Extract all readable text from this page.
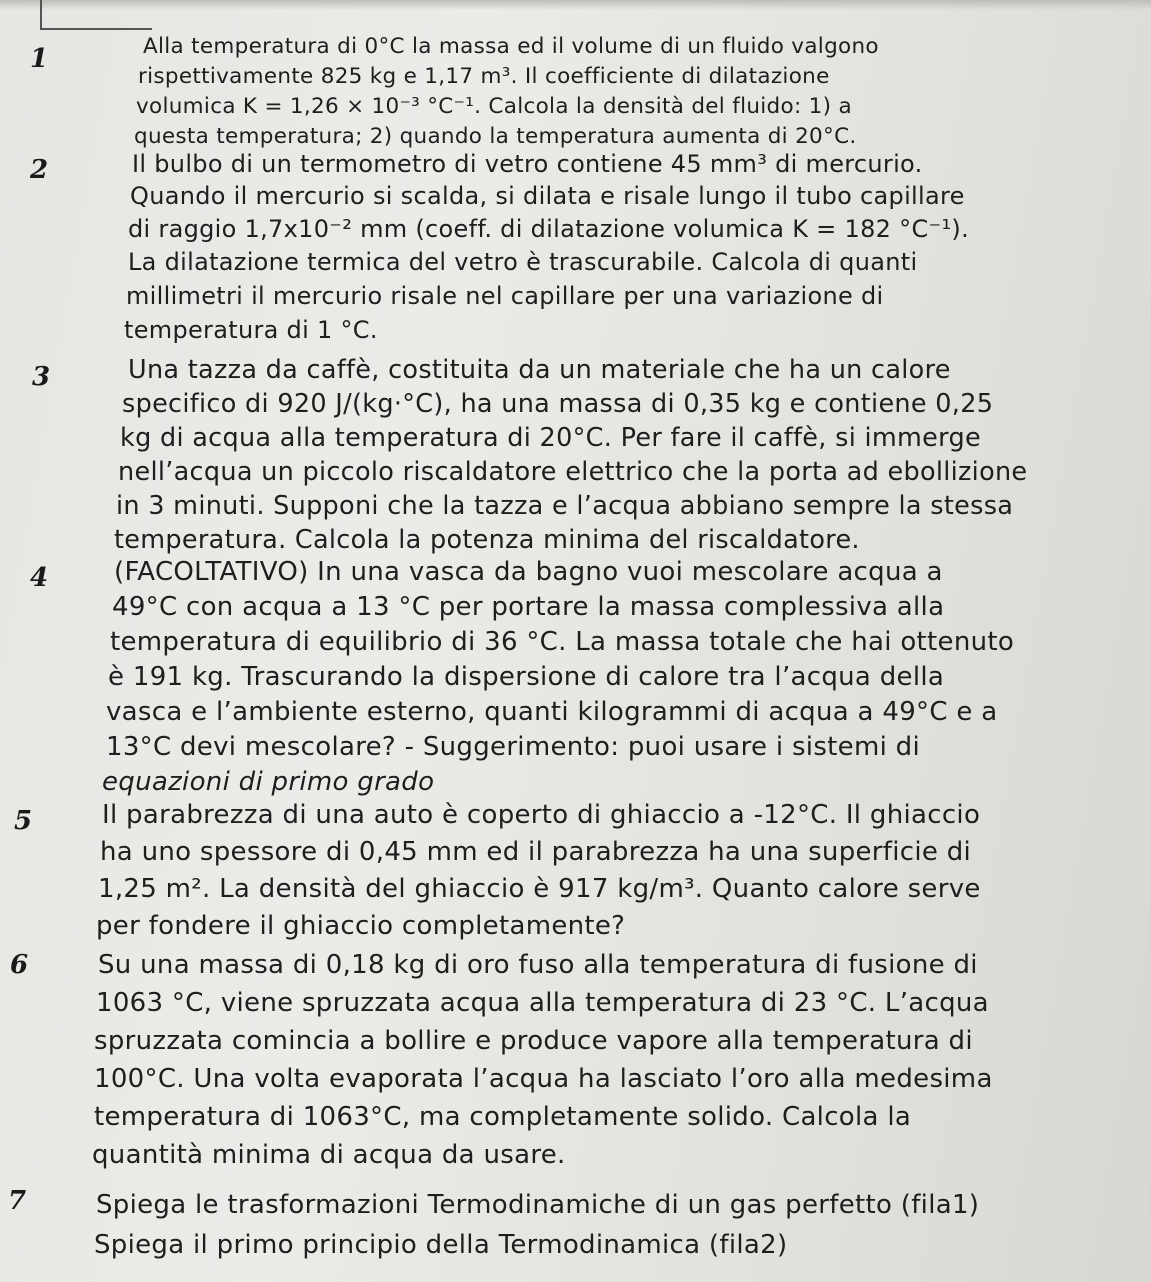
1	Alla temperatura di 0°C la massa ed il volume di un fluido valgono
rispettivamente 825 kg e 1,17 m³. Il coefficiente di dilatazione
volumica K = 1,26 × 10⁻³ °C⁻¹. Calcola la densità del fluido: 1) a
questa temperatura; 2) quando la temperatura aumenta di 20°C.
2	Il bulbo di un termometro di vetro contiene 45 mm³ di mercurio.
Quando il mercurio si scalda, si dilata e risale lungo il tubo capillare
di raggio 1,7x10⁻² mm (coeff. di dilatazione volumica K = 182 °C⁻¹).
La dilatazione termica del vetro è trascurabile. Calcola di quanti
millimetri il mercurio risale nel capillare per una variazione di
temperatura di 1 °C.
3	Una tazza da caffè, costituita da un materiale che ha un calore
specifico di 920 J/(kg·°C), ha una massa di 0,35 kg e contiene 0,25
kg di acqua alla temperatura di 20°C. Per fare il caffè, si immerge
nell’acqua un piccolo riscaldatore elettrico che la porta ad ebollizione
in 3 minuti. Supponi che la tazza e l’acqua abbiano sempre la stessa
temperatura. Calcola la potenza minima del riscaldatore.
4	(FACOLTATIVO) In una vasca da bagno vuoi mescolare acqua a
49°C con acqua a 13 °C per portare la massa complessiva alla
temperatura di equilibrio di 36 °C. La massa totale che hai ottenuto
è 191 kg. Trascurando la dispersione di calore tra l’acqua della
vasca e l’ambiente esterno, quanti kilogrammi di acqua a 49°C e a
13°C devi mescolare? - Suggerimento: puoi usare i sistemi di
equazioni di primo grado
5	Il parabrezza di una auto è coperto di ghiaccio a -12°C. Il ghiaccio
ha uno spessore di 0,45 mm ed il parabrezza ha una superficie di
1,25 m². La densità del ghiaccio è 917 kg/m³. Quanto calore serve
per fondere il ghiaccio completamente?
6	Su una massa di 0,18 kg di oro fuso alla temperatura di fusione di
1063 °C, viene spruzzata acqua alla temperatura di 23 °C. L’acqua
spruzzata comincia a bollire e produce vapore alla temperatura di
100°C. Una volta evaporata l’acqua ha lasciato l’oro alla medesima
temperatura di 1063°C, ma completamente solido. Calcola la
quantità minima di acqua da usare.
7	Spiega le trasformazioni Termodinamiche di un gas perfetto (fila1)
Spiega il primo principio della Termodinamica (fila2)
